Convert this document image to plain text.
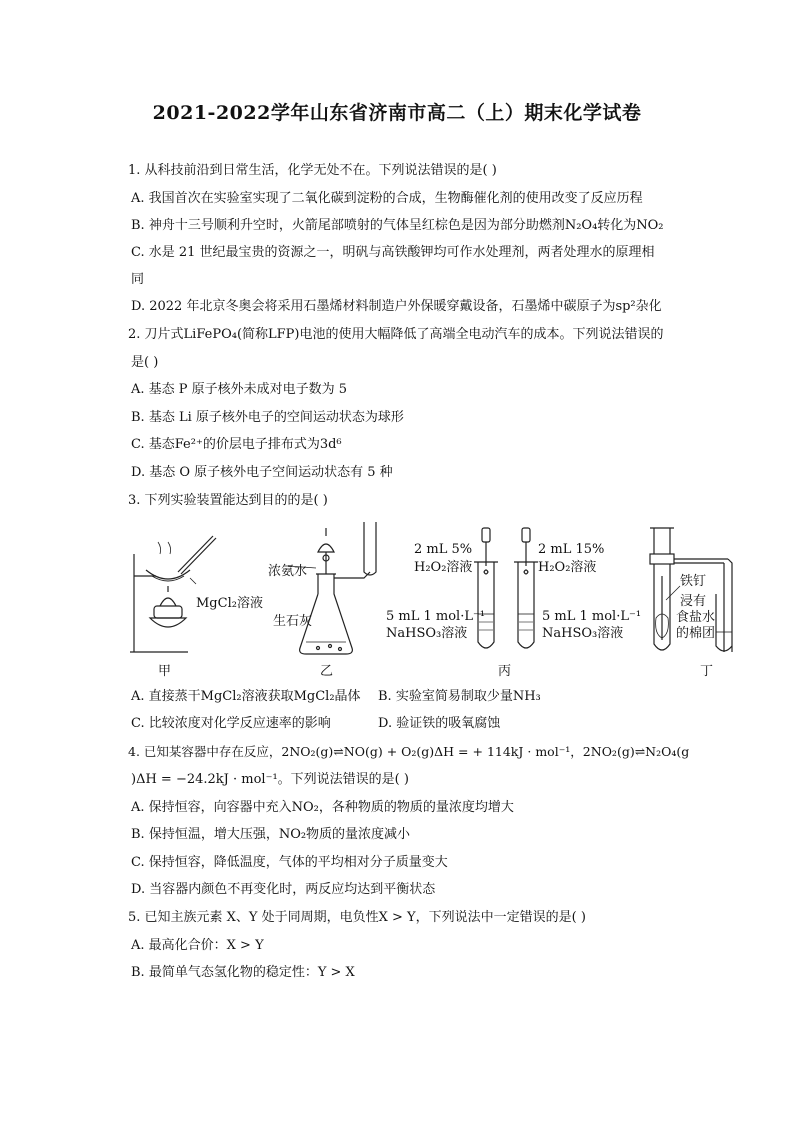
2021-2022学年山东省济南市高二（上）期末化学试卷
1. 从科技前沿到日常生活，化学无处不在。下列说法错误的是( )
A. 我国首次在实验室实现了二氧化碳到淀粉的合成，生物酶催化剂的使用改变了反应历程
B. 神舟十三号顺利升空时，火箭尾部喷射的气体呈红棕色是因为部分助燃剂N₂O₄转化为NO₂
C. 水是 21 世纪最宝贵的资源之一，明矾与高铁酸钾均可作水处理剂，两者处理水的原理相
同
D. 2022 年北京冬奥会将采用石墨烯材料制造户外保暖穿戴设备，石墨烯中碳原子为sp²杂化
2. 刀片式LiFePO₄(简称LFP)电池的使用大幅降低了高端全电动汽车的成本。下列说法错误的
是( )
A. 基态 P 原子核外未成对电子数为 5
B. 基态 Li 原子核外电子的空间运动状态为球形
C. 基态Fe²⁺的价层电子排布式为3d⁶
D. 基态 O 原子核外电子空间运动状态有 5 种
3. 下列实验装置能达到目的的是( )
MgCl₂溶液
甲
浓氨水
生石灰
乙
2 mL 5%
H₂O₂溶液
2 mL 15%
H₂O₂溶液
5 mL 1 mol·L⁻¹
NaHSO₃溶液
5 mL 1 mol·L⁻¹
NaHSO₃溶液
丙
铁钉
浸有
食盐水
的棉团
丁
A. 直接蒸干MgCl₂溶液获取MgCl₂晶体 B. 实验室简易制取少量NH₃
C. 比较浓度对化学反应速率的影响	D. 验证铁的吸氧腐蚀
4. 已知某容器中存在反应，2NO₂(g)⇌NO(g) + O₂(g)ΔH = + 114kJ · mol⁻¹，2NO₂(g)⇌N₂O₄(g
)ΔH = −24.2kJ · mol⁻¹。下列说法错误的是( )
A. 保持恒容，向容器中充入NO₂，各种物质的物质的量浓度均增大
B. 保持恒温，增大压强，NO₂物质的量浓度减小
C. 保持恒容，降低温度，气体的平均相对分子质量变大
D. 当容器内颜色不再变化时，两反应均达到平衡状态
5. 已知主族元素 X、Y 处于同周期，电负性X > Y，下列说法中一定错误的是( )
A. 最高化合价：X > Y
B. 最简单气态氢化物的稳定性：Y > X
